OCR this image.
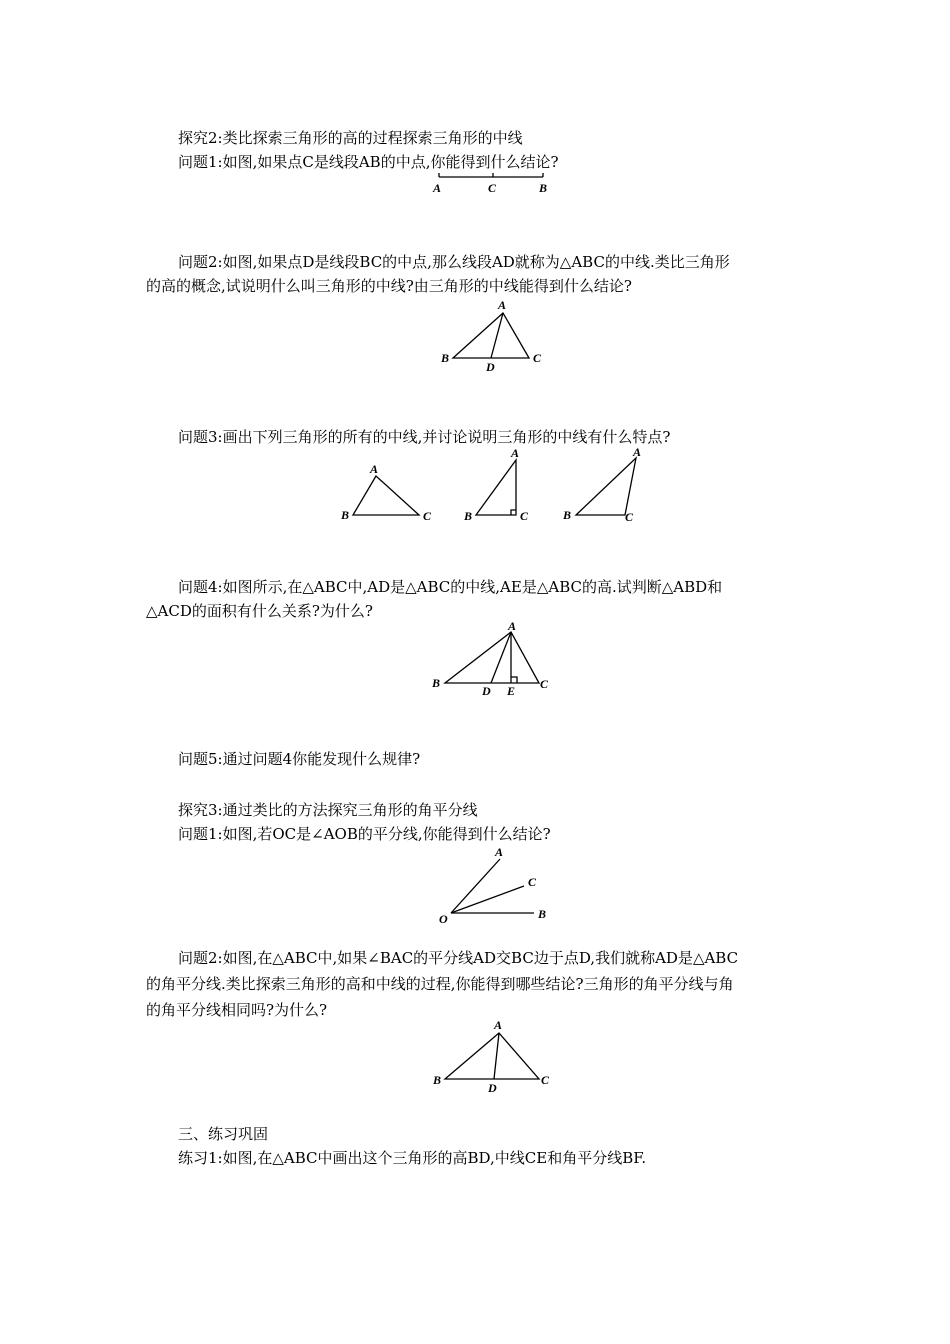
探究2:类比探索三角形的高的过程探索三角形的中线
问题1:如图,如果点C是线段AB的中点,你能得到什么结论?
A	C	B
问题2:如图,如果点D是线段BC的中点,那么线段AD就称为△ABC的中线.类比三角形
的高的概念,试说明什么叫三角形的中线?由三角形的中线能得到什么结论?
A
B	C
D
问题3:画出下列三角形的所有的中线,并讨论说明三角形的中线有什么特点?
A
B	C
A
B	C
A
B	C
问题4:如图所示,在△ABC中,AD是△ABC的中线,AE是△ABC的高.试判断△ABD和
△ACD的面积有什么关系?为什么?
A
B	C
D E
问题5:通过问题4你能发现什么规律?
探究3:通过类比的方法探究三角形的角平分线
问题1:如图,若OC是∠AOB的平分线,你能得到什么结论?
A
C
O	B
问题2:如图,在△ABC中,如果∠BAC的平分线AD交BC边于点D,我们就称AD是△ABC
的角平分线.类比探索三角形的高和中线的过程,你能得到哪些结论?三角形的角平分线与角
的角平分线相同吗?为什么?
A
B	C
D
三、练习巩固
练习1:如图,在△ABC中画出这个三角形的高BD,中线CE和角平分线BF.
